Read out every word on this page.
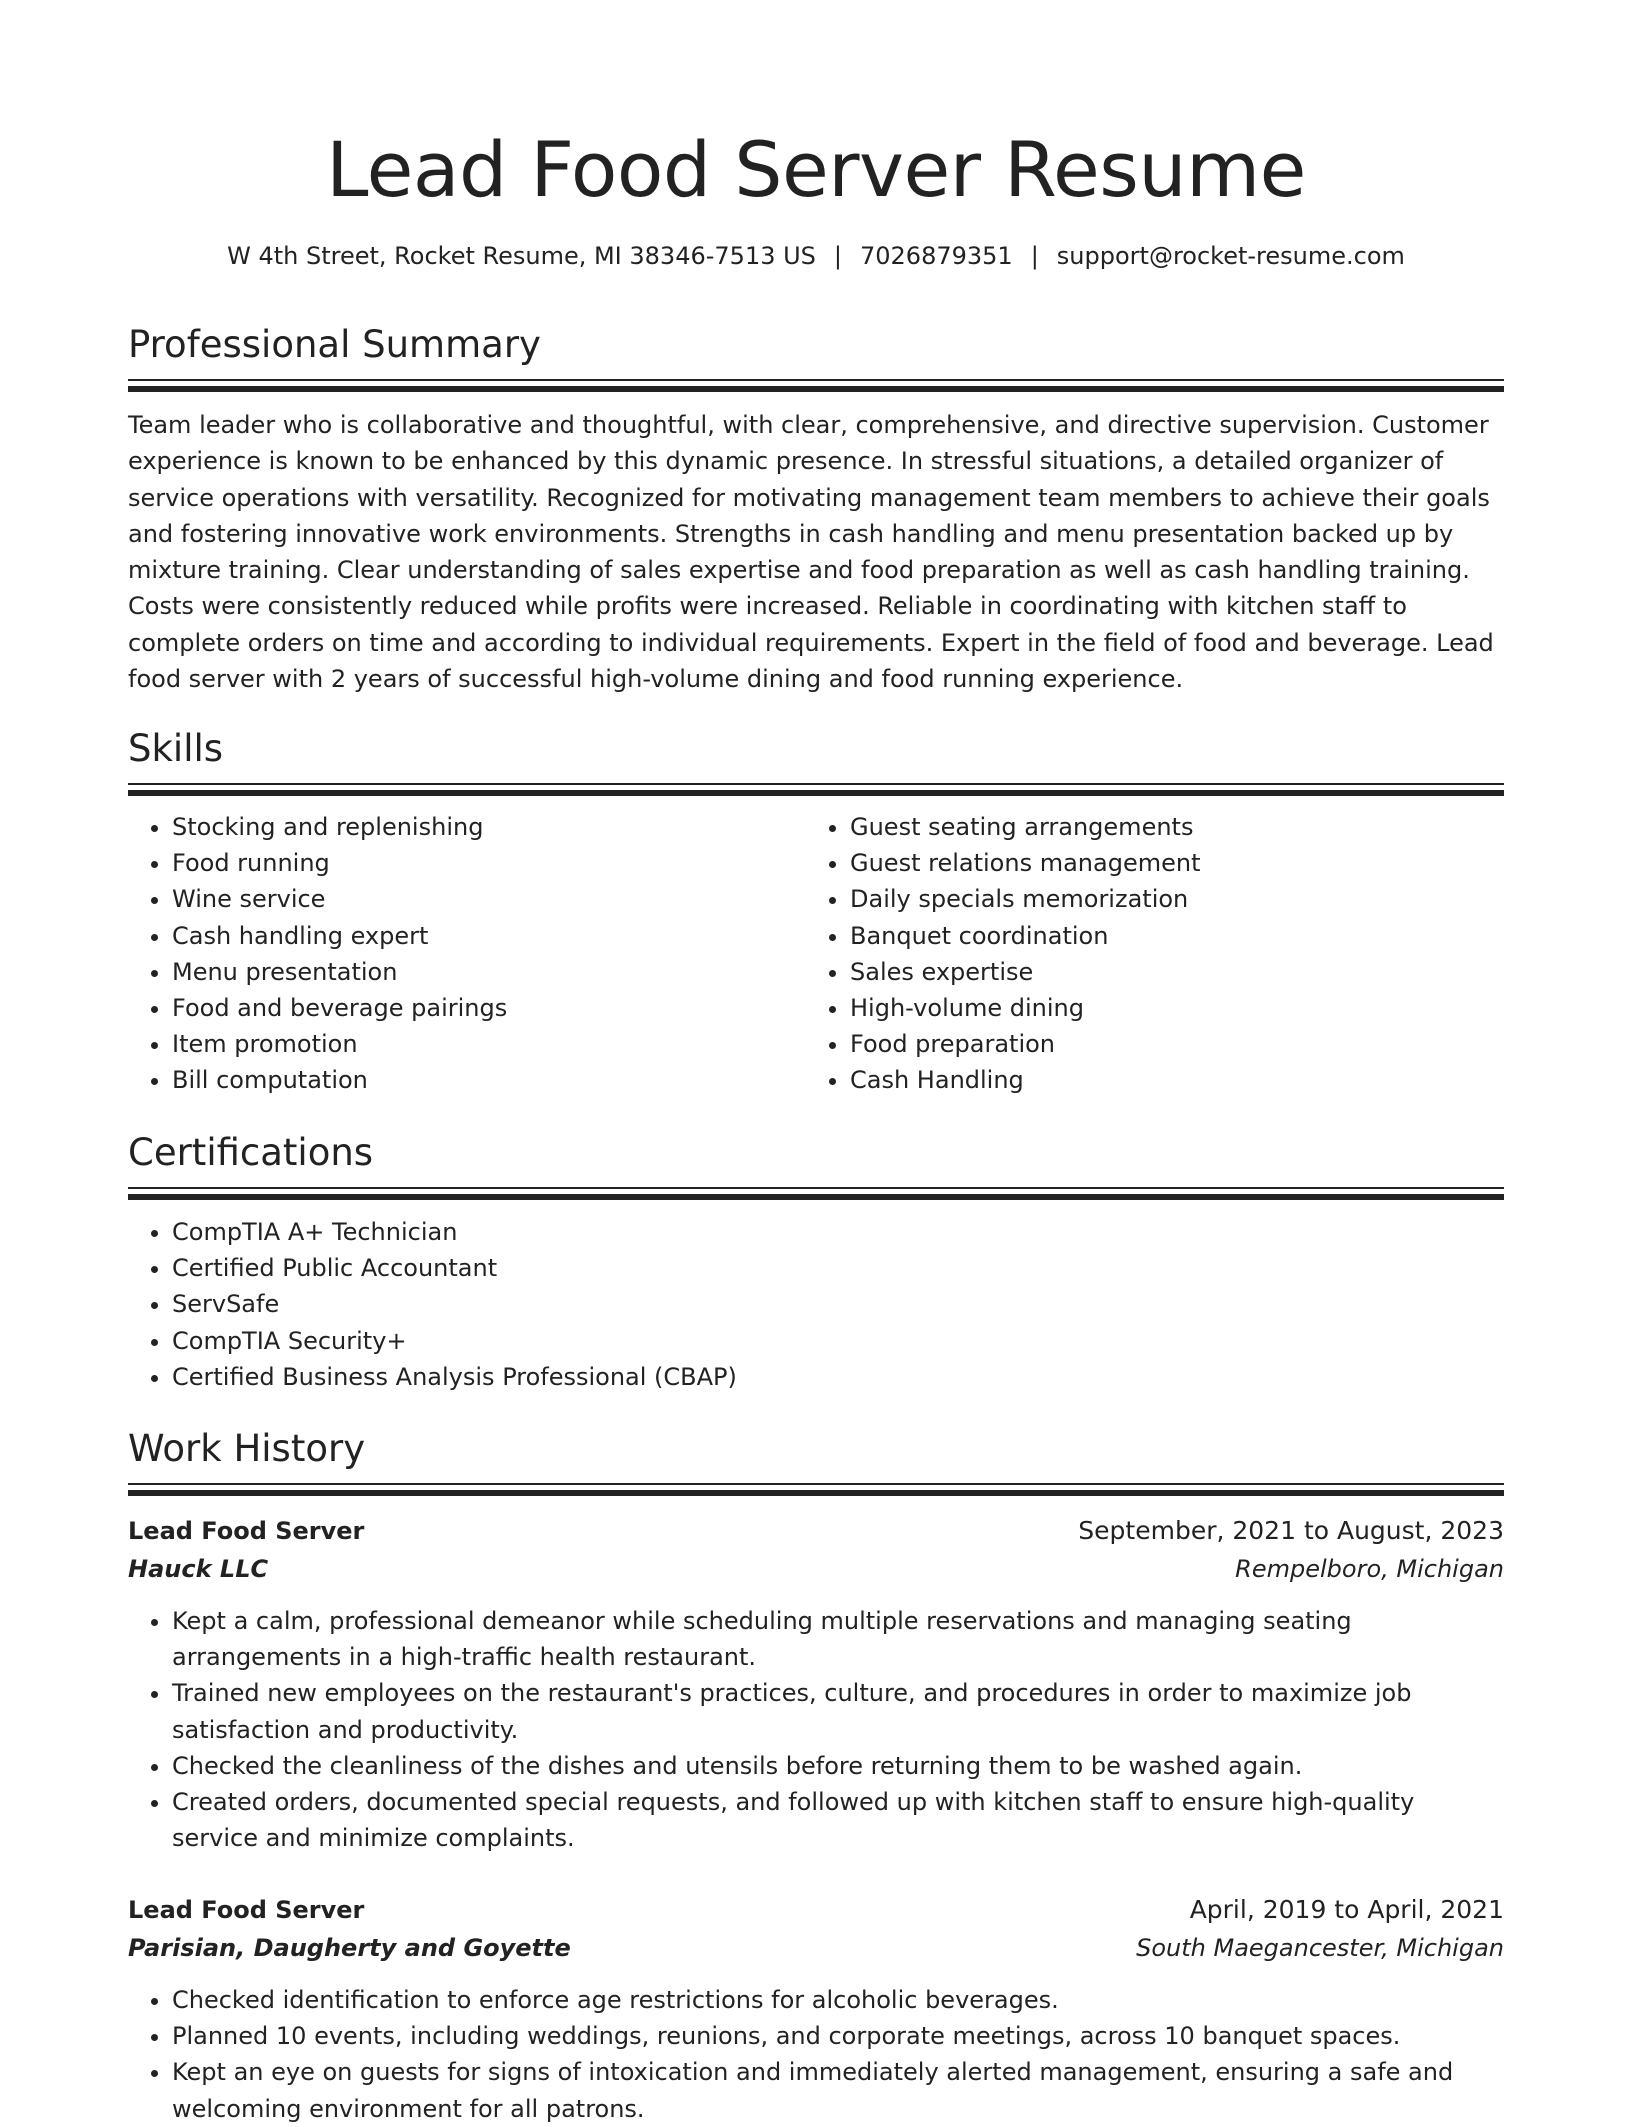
Lead Food Server Resume
W 4th Street, Rocket Resume, MI 38346-7513 US | 7026879351 | support@rocket-resume.com
Professional Summary
Team leader who is collaborative and thoughtful, with clear, comprehensive, and directive supervision. Customer experience is known to be enhanced by this dynamic presence. In stressful situations, a detailed organizer of service operations with versatility. Recognized for motivating management team members to achieve their goals and fostering innovative work environments. Strengths in cash handling and menu presentation backed up by mixture training. Clear understanding of sales expertise and food preparation as well as cash handling training. Costs were consistently reduced while profits were increased. Reliable in coordinating with kitchen staff to complete orders on time and according to individual requirements. Expert in the field of food and beverage. Lead food server with 2 years of successful high-volume dining and food running experience.
Skills
• Stocking and replenishing
• Food running
• Wine service
• Cash handling expert
• Menu presentation
• Food and beverage pairings
• Item promotion
• Bill computation
• Guest seating arrangements
• Guest relations management
• Daily specials memorization
• Banquet coordination
• Sales expertise
• High-volume dining
• Food preparation
• Cash Handling
Certifications
• CompTIA A+ Technician
• Certified Public Accountant
• ServSafe
• CompTIA Security+
• Certified Business Analysis Professional (CBAP)
Work History
Lead Food Server	September, 2021 to August, 2023
Hauck LLC	Rempelboro, Michigan
• Kept a calm, professional demeanor while scheduling multiple reservations and managing seating arrangements in a high-traffic health restaurant.
• Trained new employees on the restaurant's practices, culture, and procedures in order to maximize job satisfaction and productivity.
• Checked the cleanliness of the dishes and utensils before returning them to be washed again.
• Created orders, documented special requests, and followed up with kitchen staff to ensure high-quality service and minimize complaints.
Lead Food Server	April, 2019 to April, 2021
Parisian, Daugherty and Goyette	South Maegancester, Michigan
• Checked identification to enforce age restrictions for alcoholic beverages.
• Planned 10 events, including weddings, reunions, and corporate meetings, across 10 banquet spaces.
• Kept an eye on guests for signs of intoxication and immediately alerted management, ensuring a safe and welcoming environment for all patrons.
